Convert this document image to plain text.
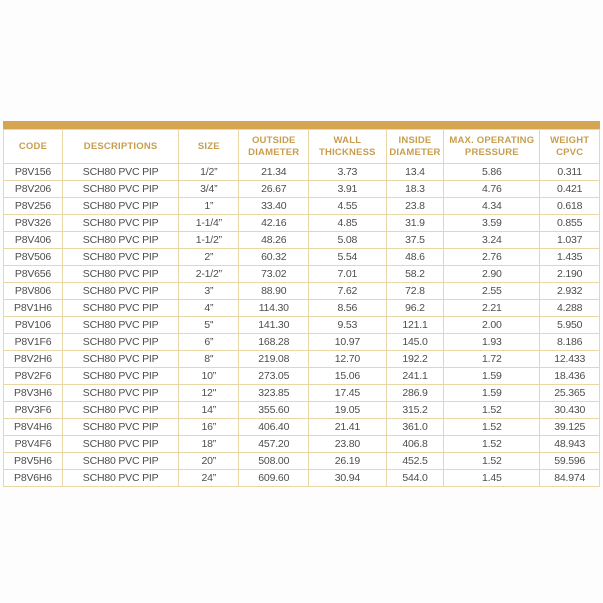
CODE	DESCRIPTIONS	SIZE	OUTSIDE DIAMETER	WALL THICKNESS	INSIDE DIAMETER	MAX. OPERATING PRESSURE	WEIGHT CPVC
P8V156	SCH80 PVC PIP	1/2”	21.34	3.73	13.4	5.86	0.311
P8V206	SCH80 PVC PIP	3/4”	26.67	3.91	18.3	4.76	0.421
P8V256	SCH80 PVC PIP	1”	33.40	4.55	23.8	4.34	0.618
P8V326	SCH80 PVC PIP	1-1/4”	42.16	4.85	31.9	3.59	0.855
P8V406	SCH80 PVC PIP	1-1/2”	48.26	5.08	37.5	3.24	1.037
P8V506	SCH80 PVC PIP	2”	60.32	5.54	48.6	2.76	1.435
P8V656	SCH80 PVC PIP	2-1/2”	73.02	7.01	58.2	2.90	2.190
P8V806	SCH80 PVC PIP	3”	88.90	7.62	72.8	2.55	2.932
P8V1H6	SCH80 PVC PIP	4”	114.30	8.56	96.2	2.21	4.288
P8V106	SCH80 PVC PIP	5''	141.30	9.53	121.1	2.00	5.950
P8V1F6	SCH80 PVC PIP	6”	168.28	10.97	145.0	1.93	8.186
P8V2H6	SCH80 PVC PIP	8''	219.08	12.70	192.2	1.72	12.433
P8V2F6	SCH80 PVC PIP	10”	273.05	15.06	241.1	1.59	18.436
P8V3H6	SCH80 PVC PIP	12''	323.85	17.45	286.9	1.59	25.365
P8V3F6	SCH80 PVC PIP	14”	355.60	19.05	315.2	1.52	30.430
P8V4H6	SCH80 PVC PIP	16”	406.40	21.41	361.0	1.52	39.125
P8V4F6	SCH80 PVC PIP	18”	457.20	23.80	406.8	1.52	48.943
P8V5H6	SCH80 PVC PIP	20”	508.00	26.19	452.5	1.52	59.596
P8V6H6	SCH80 PVC PIP	24”	609.60	30.94	544.0	1.45	84.974
